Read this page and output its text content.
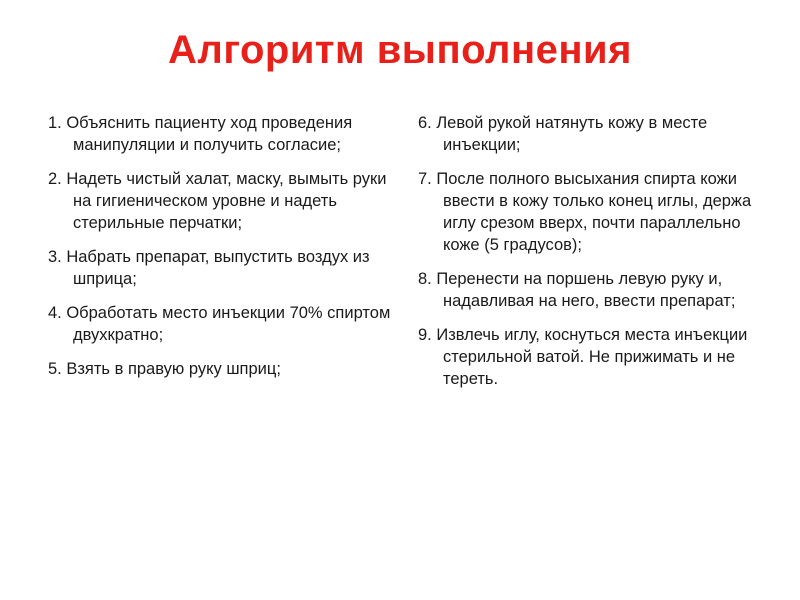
Алгоритм выполнения
1. Объяснить пациенту ход проведения манипуляции и получить согласие;
2. Надеть чистый халат, маску, вымыть руки на гигиеническом уровне и надеть стерильные перчатки;
3. Набрать препарат, выпустить воздух из шприца;
4. Обработать место инъекции 70% спиртом двухкратно;
5. Взять в правую руку шприц;
6. Левой рукой натянуть кожу в месте инъекции;
7. После полного высыхания спирта кожи ввести в кожу только конец иглы, держа иглу срезом вверх, почти параллельно коже (5 градусов);
8. Перенести на поршень левую руку и, надавливая на него, ввести препарат;
9. Извлечь иглу, коснуться места инъекции стерильной ватой. Не прижимать и не тереть.
